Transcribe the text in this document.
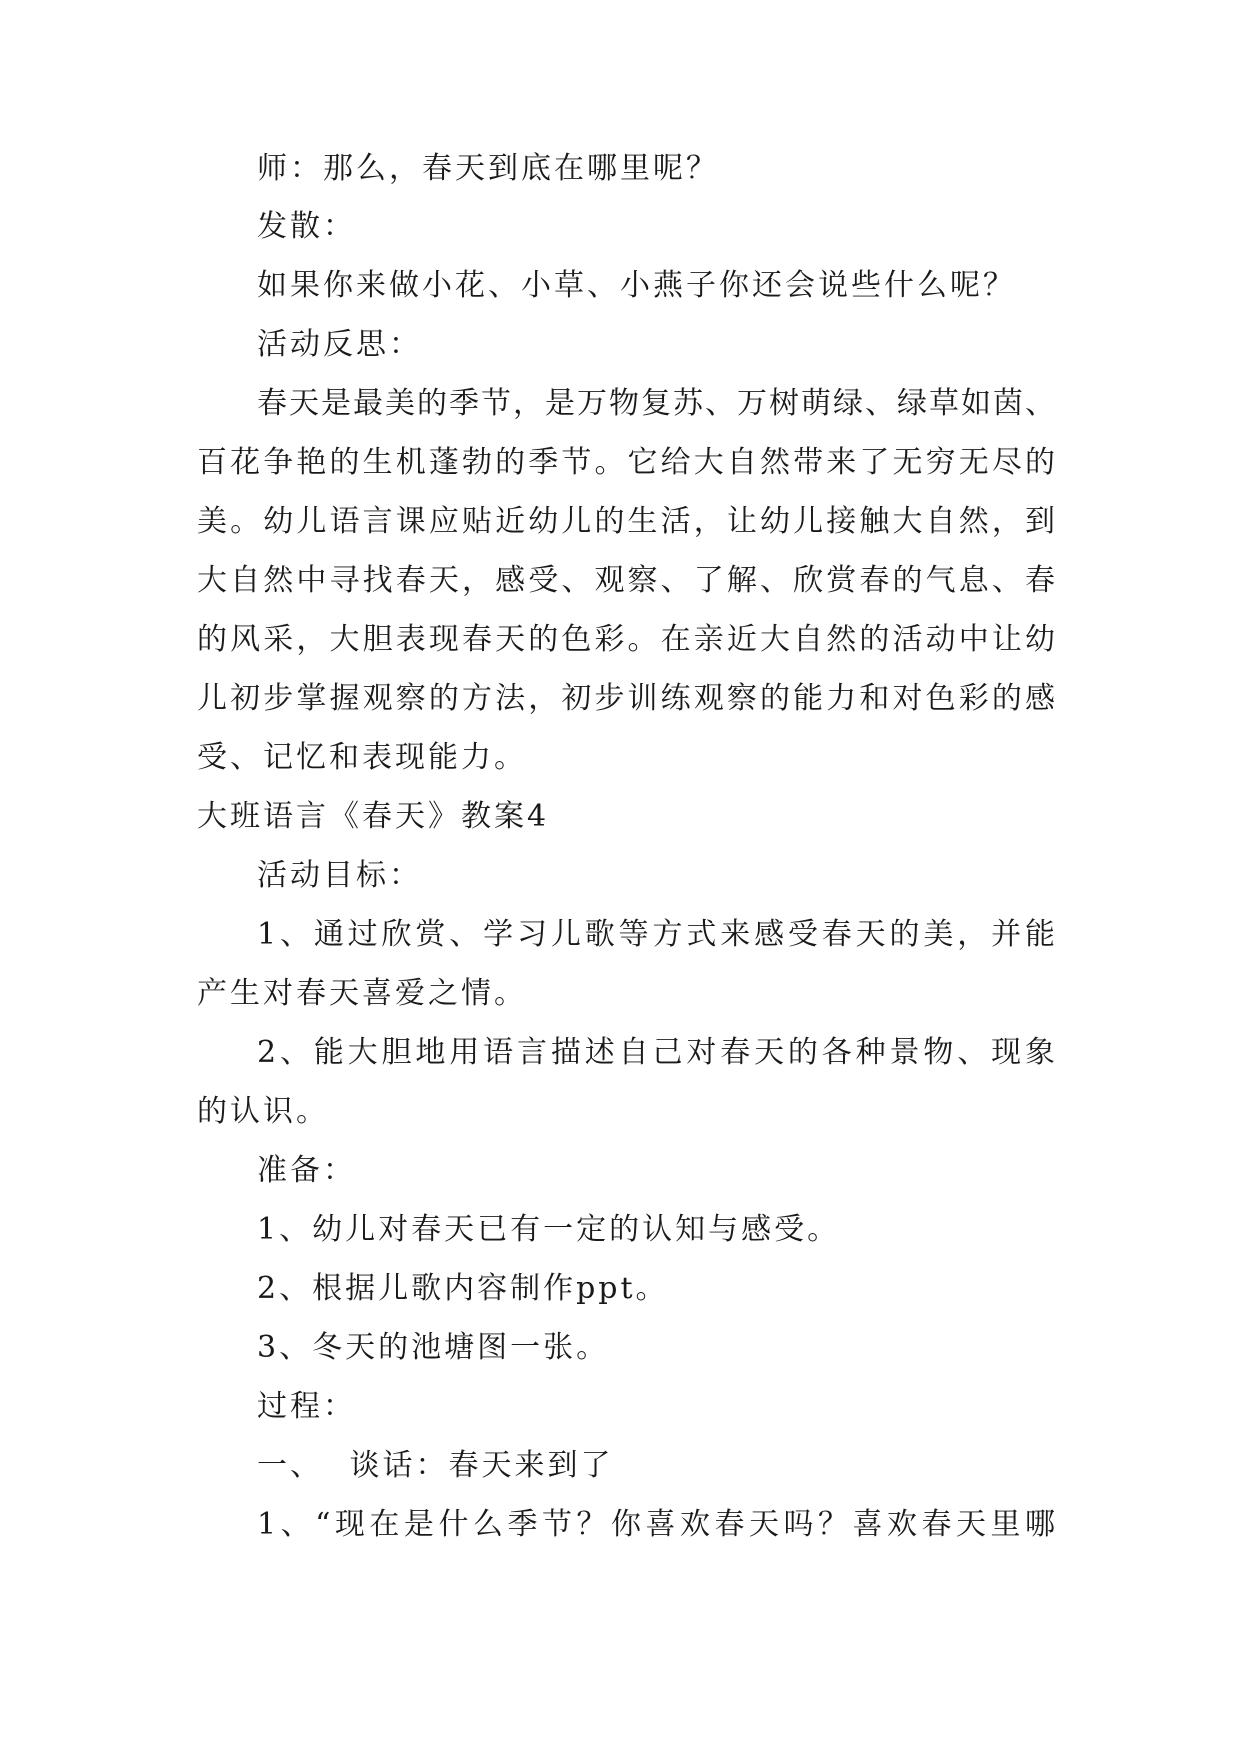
师：那么，春天到底在哪里呢？
发散：
如果你来做小花、小草、小燕子你还会说些什么呢？
活动反思：
春天是最美的季节，是万物复苏、万树萌绿、绿草如茵、
百花争艳的生机蓬勃的季节。它给大自然带来了无穷无尽的
美。幼儿语言课应贴近幼儿的生活，让幼儿接触大自然，到
大自然中寻找春天，感受、观察、了解、欣赏春的气息、春
的风采，大胆表现春天的色彩。在亲近大自然的活动中让幼
儿初步掌握观察的方法，初步训练观察的能力和对色彩的感
受、记忆和表现能力。
大班语言《春天》教案4
活动目标：
1、通过欣赏、学习儿歌等方式来感受春天的美，并能
产生对春天喜爱之情。
2、能大胆地用语言描述自己对春天的各种景物、现象
的认识。
准备：
1、幼儿对春天已有一定的认知与感受。
2、根据儿歌内容制作ppt。
3、冬天的池塘图一张。
过程：
一、 谈话：春天来到了
1、“现在是什么季节？你喜欢春天吗？喜欢春天里哪
